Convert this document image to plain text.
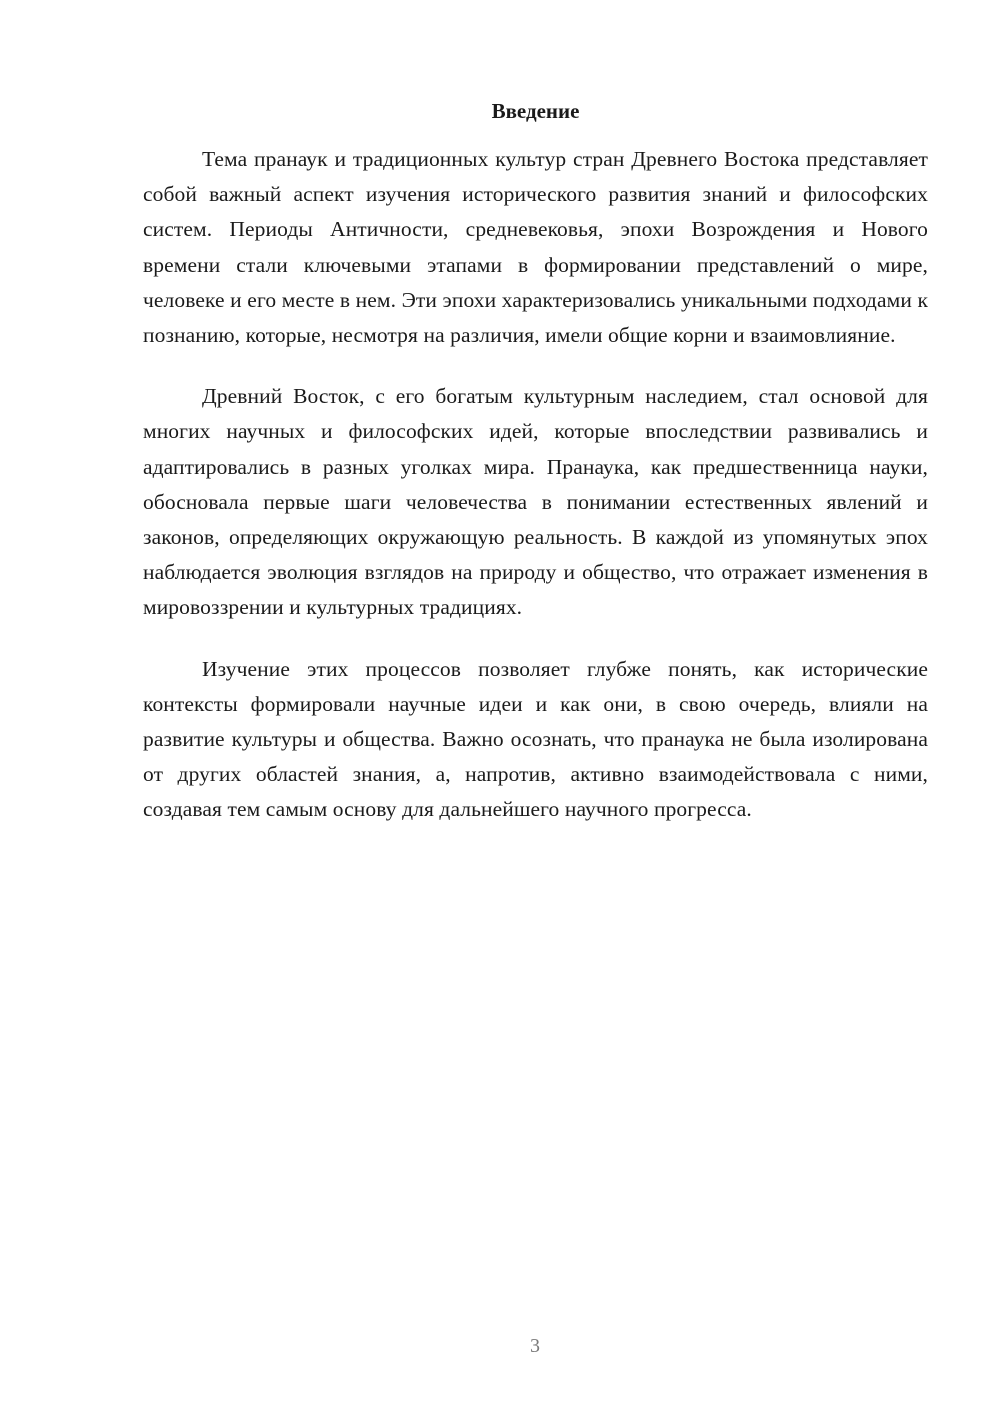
Введение

Тема пранаук и традиционных культур стран Древнего Востока представляет собой важный аспект изучения исторического развития знаний и философских систем. Периоды Античности, средневековья, эпохи Возрождения и Нового времени стали ключевыми этапами в формировании представлений о мире, человеке и его месте в нем. Эти эпохи характеризовались уникальными подходами к познанию, которые, несмотря на различия, имели общие корни и взаимовлияние.

Древний Восток, с его богатым культурным наследием, стал основой для многих научных и философских идей, которые впоследствии развивались и адаптировались в разных уголках мира. Пранаука, как предшественница науки, обосновала первые шаги человечества в понимании естественных явлений и законов, определяющих окружающую реальность. В каждой из упомянутых эпох наблюдается эволюция взглядов на природу и общество, что отражает изменения в мировоззрении и культурных традициях.

Изучение этих процессов позволяет глубже понять, как исторические контексты формировали научные идеи и как они, в свою очередь, влияли на развитие культуры и общества. Важно осознать, что пранаука не была изолирована от других областей знания, а, напротив, активно взаимодействовала с ними, создавая тем самым основу для дальнейшего научного прогресса.

3
